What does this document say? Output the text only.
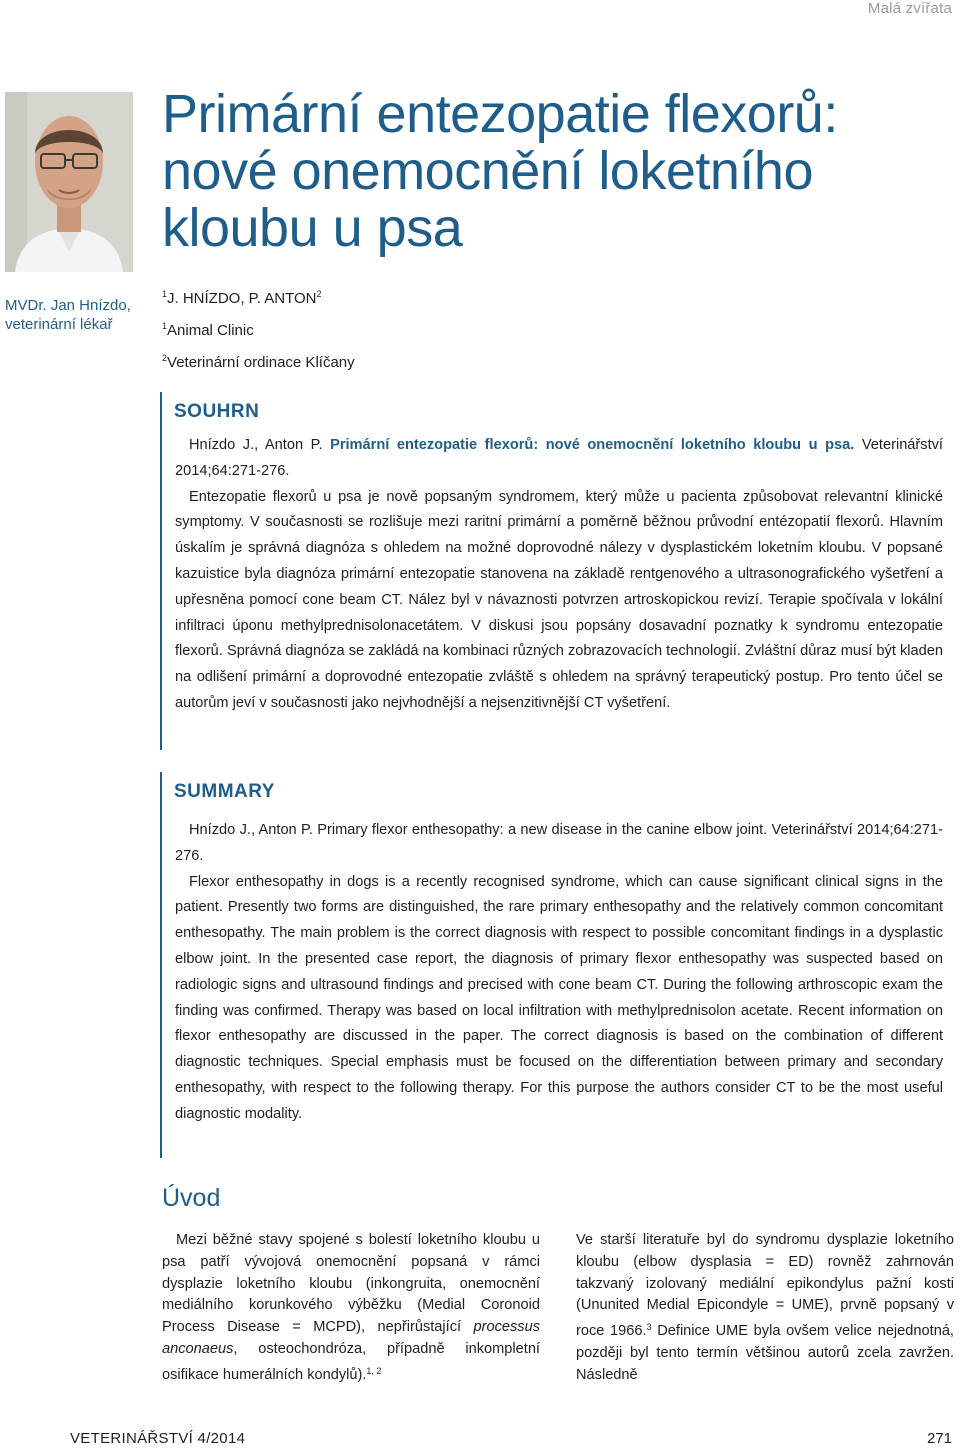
Malá zvířata
MVDr. Jan Hnízdo,
veterinární lékař
Primární entezopatie flexorů:
nové onemocnění loketního
kloubu u psa
$^1$J. HNÍZDO, P. ANTON$^2$
$^1$Animal Clinic
$^2$Veterinární ordinace Klíčany
SOUHRN

Hnízdo J., Anton P. Primární entezopatie flexorů: nové onemocnění loketního kloubu u psa. Veterinářství 2014;64:271-276.

Entezopatie flexorů u psa je nově popsaným syndromem, který může u pacienta způsobovat relevantní klinické symptomy. V současnosti se rozlišuje mezi raritní primární a poměrně běžnou průvodní entézopatií flexorů. Hlavním úskalím je správná diagnóza s ohledem na možné doprovodné nálezy v dysplastickém loketním kloubu. V popsané kazuistice byla diagnóza primární entezopatie stanovena na základě rentgenového a ultrasonografického vyšetření a upřesněna pomocí cone beam CT. Nález byl v návaznosti potvrzen artroskopickou revizí. Terapie spočívala v lokální infiltraci úponu methylprednisolonacetátem. V diskusi jsou popsány dosavadní poznatky k syndromu entezopatie flexorů. Správná diagnóza se zakládá na kombinaci různých zobrazovacích technologií. Zvláštní důraz musí být kladen na odlišení primární a doprovodné entezopatie zvláště s ohledem na správný terapeutický postup. Pro tento účel se autorům jeví v současnosti jako nejvhodnější a nejsenzitivnější CT vyšetření.

SUMMARY

Hnízdo J., Anton P. Primary flexor enthesopathy: a new disease in the canine elbow joint. Veterinářství 2014;64:271-276.

Flexor enthesopathy in dogs is a recently recognised syndrome, which can cause significant clinical signs in the patient. Presently two forms are distinguished, the rare primary enthesopathy and the relatively common concomitant enthesopathy. The main problem is the correct diagnosis with respect to possible concomitant findings in a dysplastic elbow joint. In the presented case report, the diagnosis of primary flexor enthesopathy was suspected based on radiologic signs and ultrasound findings and precised with cone beam CT. During the following arthroscopic exam the finding was confirmed. Therapy was based on local infiltration with methylprednisolon acetate. Recent information on flexor enthesopathy are discussed in the paper. The correct diagnosis is based on the combination of different diagnostic techniques. Special emphasis must be focused on the differentiation between primary and secondary enthesopathy, with respect to the following therapy. For this purpose the authors consider CT to be the most useful diagnostic modality.

Úvod

Mezi běžné stavy spojené s bolestí loketního kloubu u psa patří vývojová onemocnění popsaná v rámci dysplazie loketního kloubu (inkongruita, onemocnění mediálního korunkového výběžku (Medial Coronoid Process Disease = MCPD), nepřirůstající processus anconaeus, osteochondróza, případně inkompletní osifikace humerálních kondylů).$^{1, 2}$

Ve starší literatuře byl do syndromu dysplazie loketního kloubu (elbow dysplasia = ED) rovněž zahrnován takzvaný izolovaný mediální epikondylus pažní kosti (Ununited Medial Epicondyle = UME), prvně popsaný v roce 1966.$^3$ Definice UME byla ovšem velice nejednotná, později byl tento termín většinou autorů zcela zavržen. Následně

VETERINÁŘSTVÍ 4/2014	271
